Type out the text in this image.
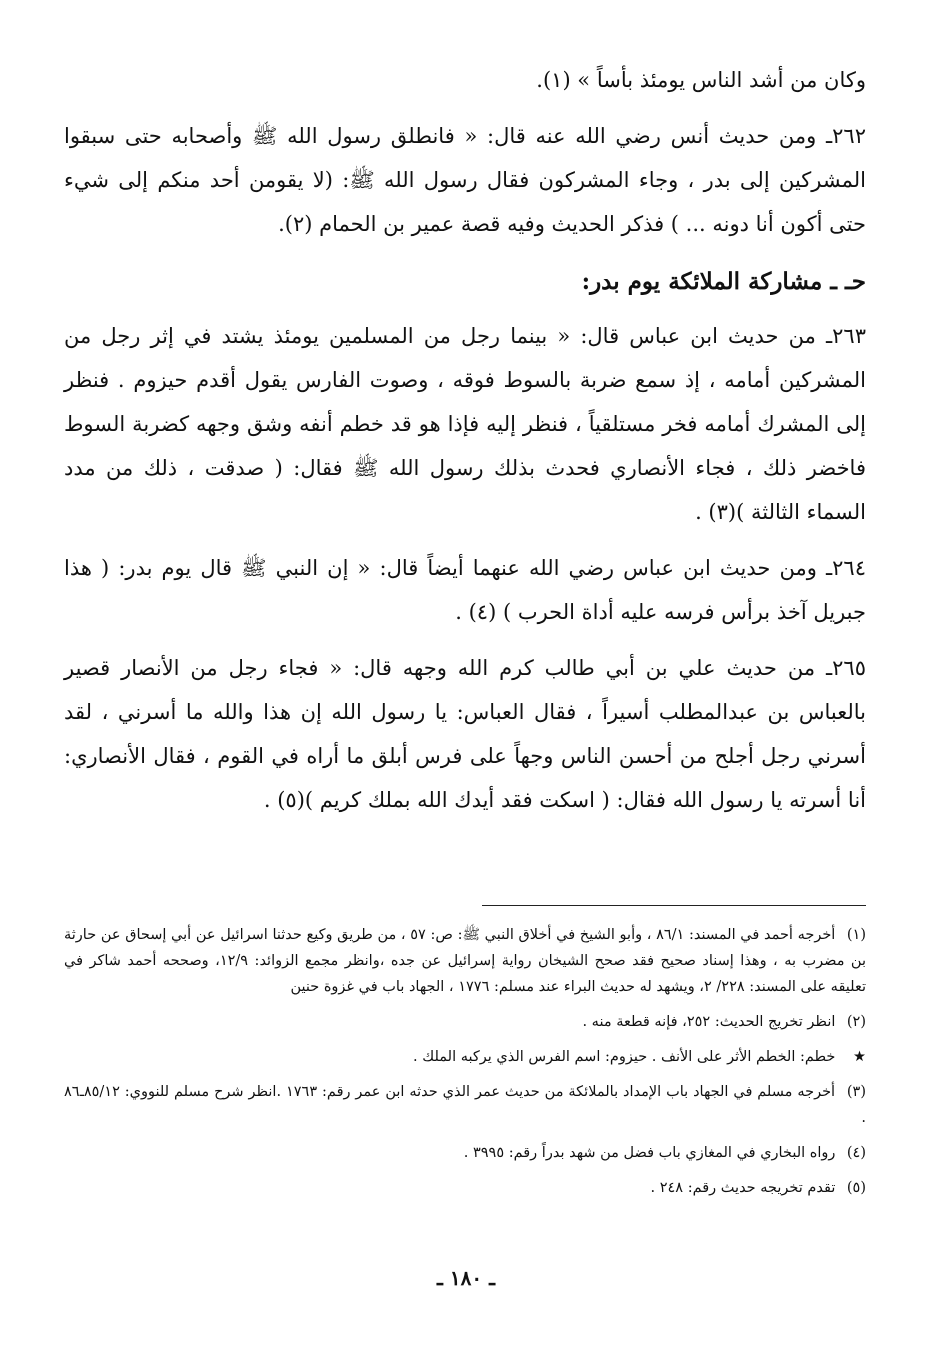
وكان من أشد الناس يومئذ بأساً » (١).

٢٦٢ـ ومن حديث أنس رضي الله عنه قال: « فانطلق رسول الله ﷺ وأصحابه حتى سبقوا المشركين إلى بدر ، وجاء المشركون فقال رسول الله ﷺ: (لا يقومن أحد منكم إلى شيء حتى أكون أنا دونه ... ) فذكر الحديث وفيه قصة عمير بن الحمام (٢).

حـ ـ مشاركة الملائكة يوم بدر:

٢٦٣ـ من حديث ابن عباس قال: « بينما رجل من المسلمين يومئذ يشتد في إثر رجل من المشركين أمامه ، إذ سمع ضربة بالسوط فوقه ، وصوت الفارس يقول أقدم حيزوم . فنظر إلى المشرك أمامه فخر مستلقياً ، فنظر إليه فإذا هو قد خطم أنفه وشق وجهه كضربة السوط فاخضر ذلك ، فجاء الأنصاري فحدث بذلك رسول الله ﷺ فقال: ( صدقت ، ذلك من مدد السماء الثالثة )(٣) .

٢٦٤ـ ومن حديث ابن عباس رضي الله عنهما أيضاً قال: « إن النبي ﷺ قال يوم بدر: ( هذا جبريل آخذ برأس فرسه عليه أداة الحرب ) (٤) .

٢٦٥ـ من حديث علي بن أبي طالب كرم الله وجهه قال: « فجاء رجل من الأنصار قصير بالعباس بن عبدالمطلب أسيراً ، فقال العباس: يا رسول الله إن هذا والله ما أسرني ، لقد أسرني رجل أجلح من أحسن الناس وجهاً على فرس أبلق ما أراه في القوم ، فقال الأنصاري: أنا أسرته يا رسول الله فقال: ( اسكت فقد أيدك الله بملك كريم )(٥) .

(١) أخرجه أحمد في المسند: ٨٦/١ ، وأبو الشيخ في أخلاق النبي ﷺ: ص: ٥٧ ، من طريق وكيع حدثنا اسرائيل عن أبي إسحاق عن حارثة بن مضرب به ، وهذا إسناد صحيح فقد صحح الشيخان رواية إسرائيل عن جده ،وانظر مجمع الزوائد: ١٢/٩، وصححه أحمد شاكر في تعليقه على المسند: ٢٢٨/ ٢، ويشهد له حديث البراء عند مسلم: ١٧٧٦ ، الجهاد باب في غزوة حنين

(٢) انظر تخريج الحديث: ٢٥٢، فإنه قطعة منه .

★ خطم: الخطم الأثر على الأنف . حيزوم: اسم الفرس الذي يركبه الملك .

(٣) أخرجه مسلم في الجهاد باب الإمداد بالملائكة من حديث عمر الذي حدثه ابن عمر رقم: ١٧٦٣ .انظر شرح مسلم للنووي: ٨٥/١٢ـ٨٦ .

(٤) رواه البخاري في المغازي باب فضل من شهد بدراً رقم: ٣٩٩٥ .

(٥) تقدم تخريجه حديث رقم: ٢٤٨ .

ـ ١٨٠ ـ
